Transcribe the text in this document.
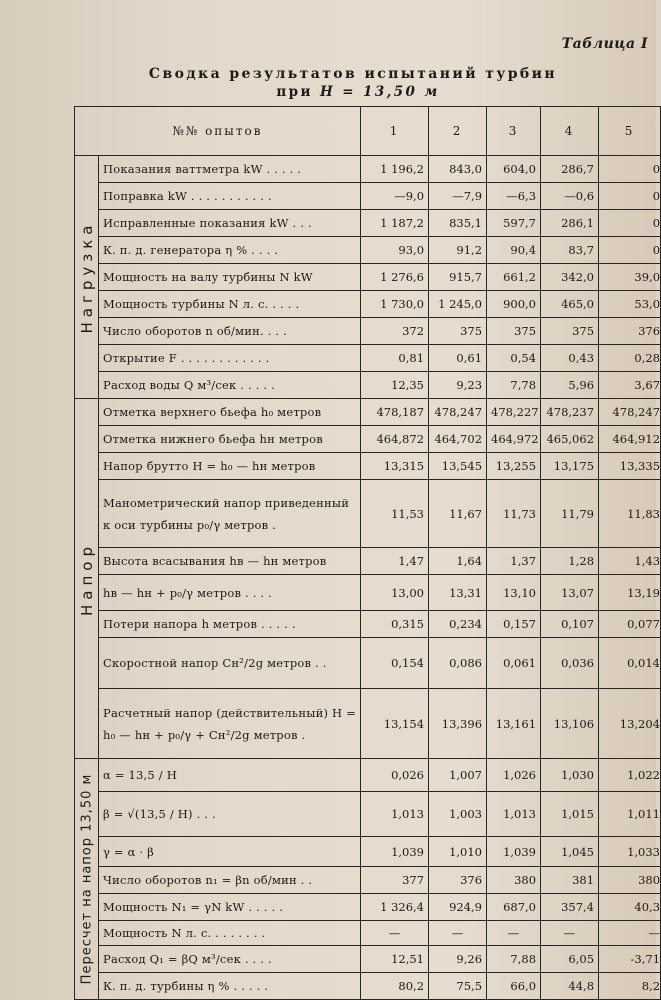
Таблица I
Сводка результатов испытаний турбин
при H = 13,50 м
№№ опытов		1	2	3	4	5

Нагрузка	Показания ваттметра kW . . . . .	1 196,2	843,0	604,0	286,7	0
	Поправка kW . . . . . . . . . . .	—9,0	—7,9	—6,3	—0,6	0
	Исправленные показания kW . . .	1 187,2	835,1	597,7	286,1	0
	К. п. д. генератора η % . . . .	93,0	91,2	90,4	83,7	0
	Мощность на валу турбины N kW	1 276,6	915,7	661,2	342,0	39,0
	Мощность турбины N л. с. . . . .	1 730,0	1 245,0	900,0	465,0	53,0
	Число оборотов n об/мин. . . .	372	375	375	375	376
	Открытие F . . . . . . . . . . . .	0,81	0,61	0,54	0,43	0,28
	Расход воды Q м³/сек . . . . .	12,35	9,23	7,78	5,96	3,67

Напор	Отметка верхнего бьефа h₀ метров	478,187	478,247	478,227	478,237	478,247
	Отметка нижнего бьефа hн метров	464,872	464,702	464,972	465,062	464,912
	Напор брутто H = h₀ — hн метров	13,315	13,545	13,255	13,175	13,335

	Манометрический напор приведенный к оси турбины p₀/γ метров .	11,53	11,67	11,73	11,79	11,83
	Высота всасывания hв — hн метров	1,47	1,64	1,37	1,28	1,43
	hв — hн + p₀/γ метров . . . .	13,00	13,31	13,10	13,07	13,19
	Потери напора h метров . . . . .	0,315	0,234	0,157	0,107	0,077

	Скоростной напор Cн²/2g метров . .	0,154	0,086	0,061	0,036	0,014

	Расчетный напор (действительный) H = h₀ — hн + p₀/γ + Cн²/2g метров .	13,154	13,396	13,161	13,106	13,204

Пересчет на напор 13,50 м	α = 13,5 / H	0,026	1,007	1,026	1,030	1,022

	β = √(13,5 / H) . . .	1,013	1,003	1,013	1,015	1,011
	γ = α · β	1,039	1,010	1,039	1,045	1,033
	Число оборотов n₁ = βn об/мин . .	377	376	380	381	380
	Мощность N₁ = γN kW . . . . .	1 326,4	924,9	687,0	357,4	40,3
	Мощность N л. с. . . . . . . .	—	—	—	—	—
	Расход Q₁ = βQ м³/сек . . . .	12,51	9,26	7,88	6,05	-3,71
	К. п. д. турбины η % . . . . .	80,2	75,5	66,0	44,8	8,2
